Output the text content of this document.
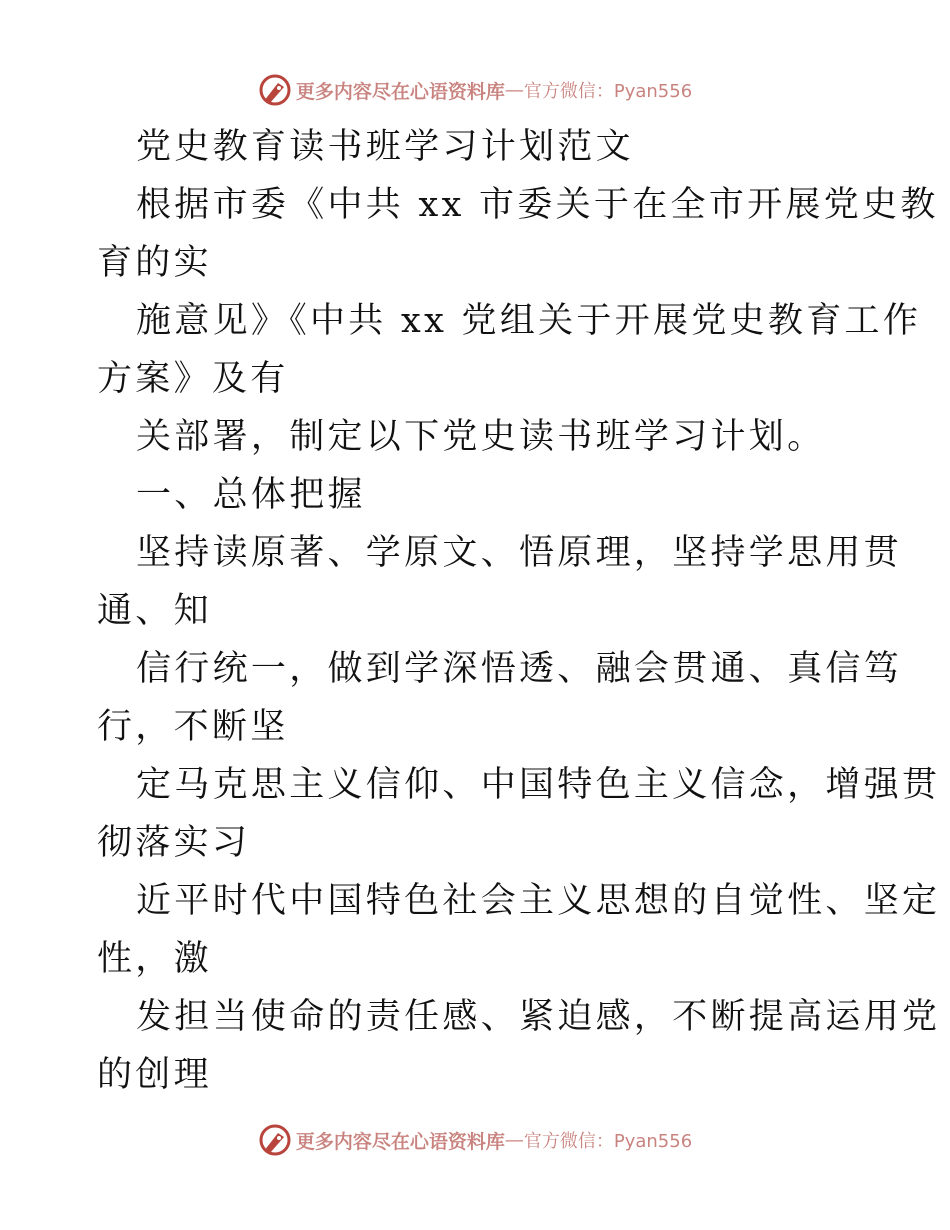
更多内容尽在心语资料库 — 官方微信：Pyan556
党史教育读书班学习计划范文
根据市委《中共 xx 市委关于在全市开展党史教
育的实
施意见》《中共 xx 党组关于开展党史教育工作
方案》及有
关部署，制定以下党史读书班学习计划。
一、总体把握
坚持读原著、学原文、悟原理，坚持学思用贯
通、知
信行统一，做到学深悟透、融会贯通、真信笃
行，不断坚
定马克思主义信仰、中国特色主义信念，增强贯
彻落实习
近平时代中国特色社会主义思想的自觉性、坚定
性，激
发担当使命的责任感、紧迫感，不断提高运用党
的创理
更多内容尽在心语资料库 — 官方微信：Pyan556
